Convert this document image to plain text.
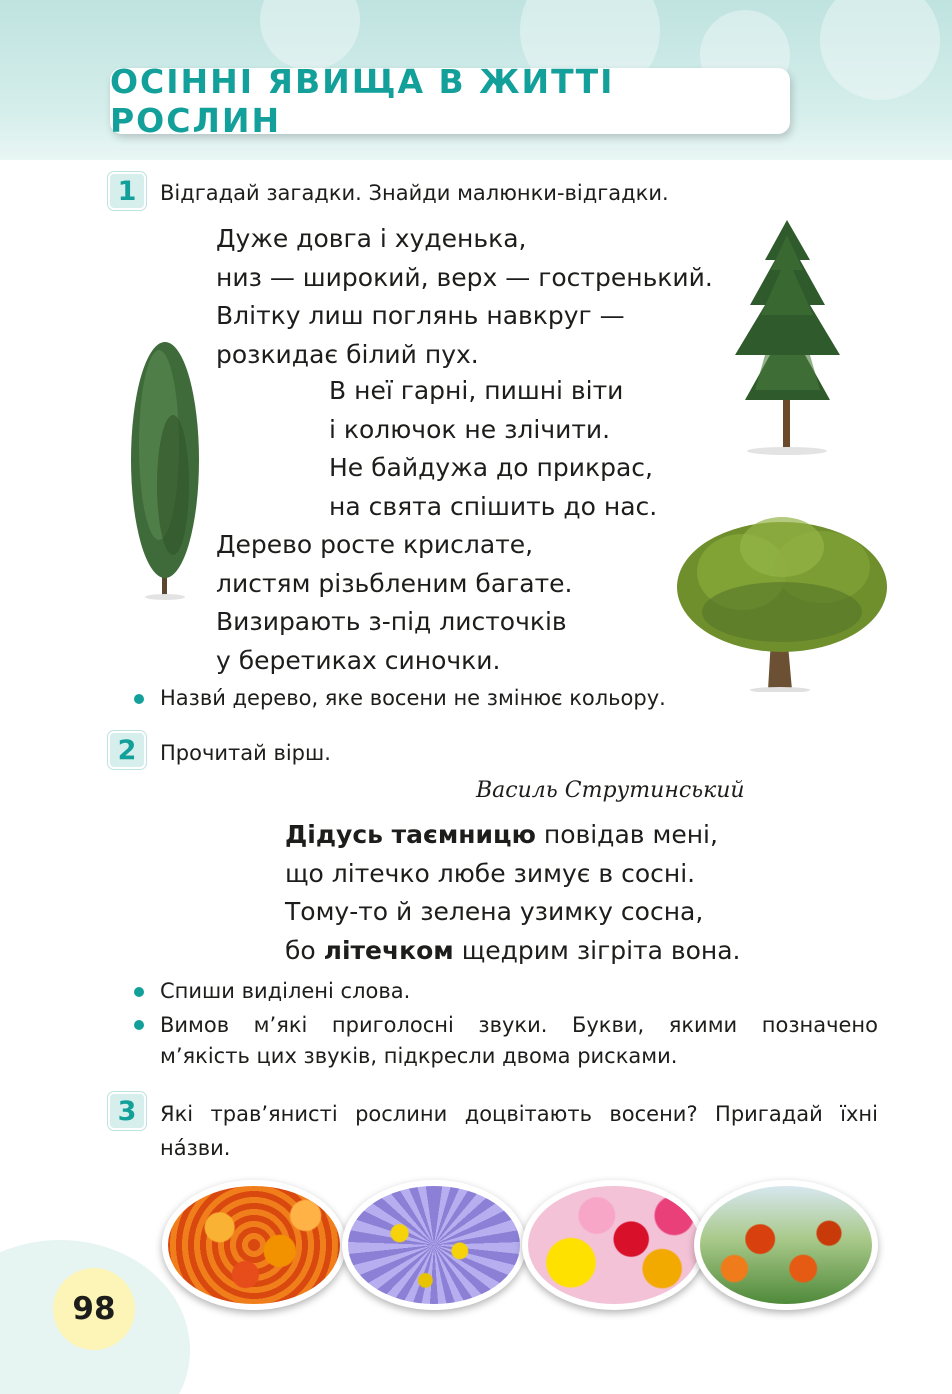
ОСІННІ ЯВИЩА В ЖИТТІ РОСЛИН
1	Відгадай загадки. Знайди малюнки-відгадки.
Дуже довга і худенька,
низ — широкий, верх — гостренький.
Влітку лиш поглянь навкруг —
розкидає білий пух.
В неї гарні, пишні віти
і колючок не злічити.
Не байдужа до прикрас,
на свята спішить до нас.
Дерево росте крислате,
листям різьбленим багате.
Визирають з-під листочків
у беретиках синочки.
Назви́ дерево, яке восени не змінює кольору.
2	Прочитай вірш.
Василь Струтинський
Дідусь таємницю повідав мені,
що літечко любе зимує в сосні.
Тому-то й зелена узимку сосна,
бо літечком щедрим зігріта вона.
Спиши виділені слова.
Вимов м’які приголосні звуки. Букви, якими позначено
м’якість цих звуків, підкресли двома рисками.
3	Які трав’янисті рослини доцвітають восени? Пригадай їхні
на́зви.
98
